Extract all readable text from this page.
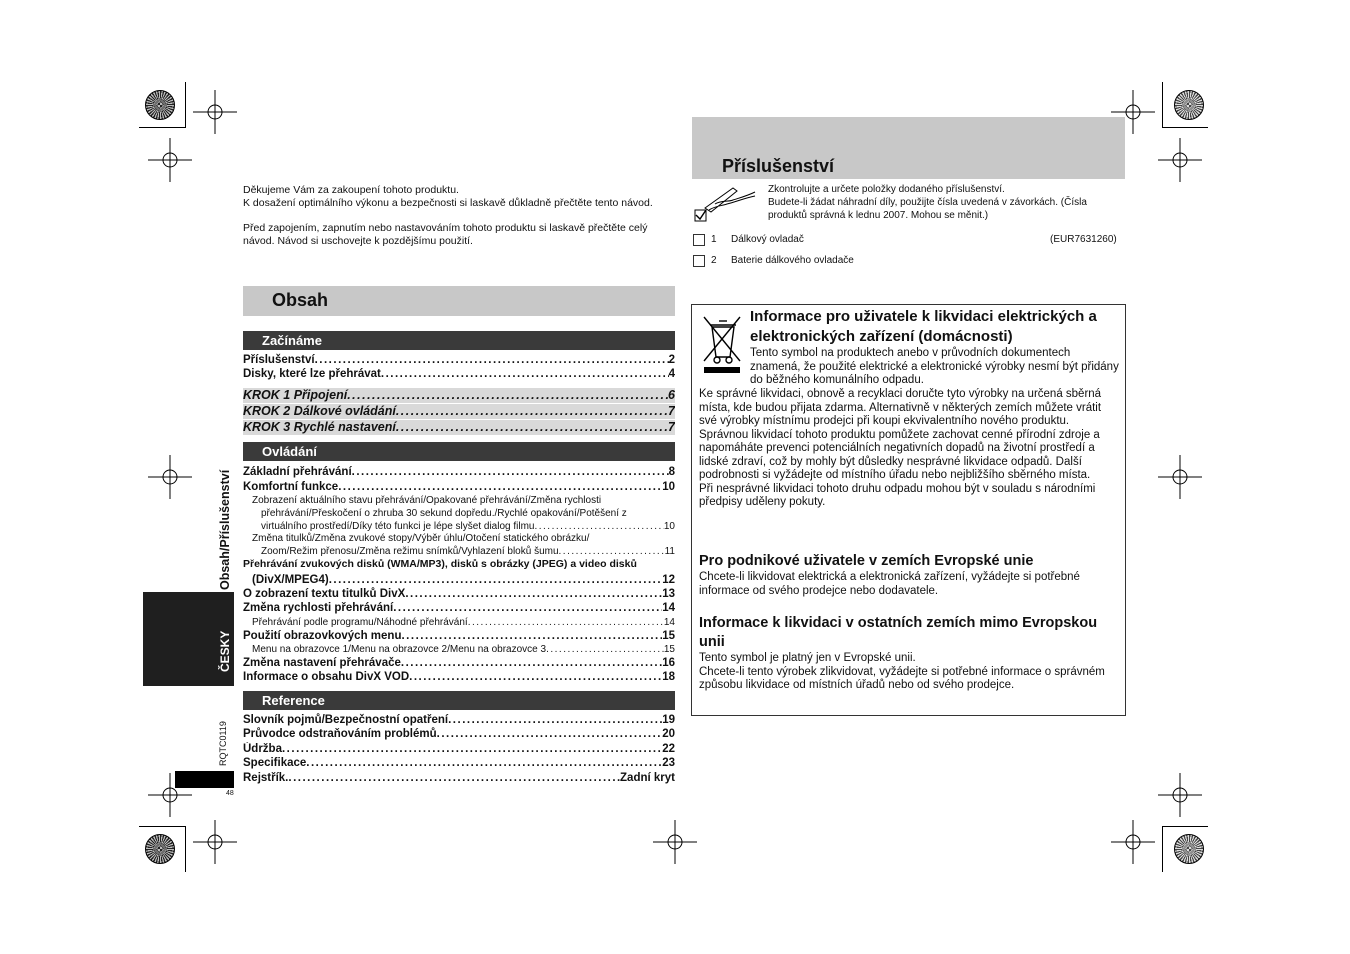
Děkujeme Vám za zakoupení tohoto produktu.
K dosažení optimálního výkonu a bezpečnosti si laskavě důkladně přečtěte tento návod.

Před zapojením, zapnutím nebo nastavováním tohoto produktu si laskavě přečtěte celý návod. Návod si uschovejte k pozdějšímu použití.

Obsah
Začínáme
Příslušenství .....	2
Disky, které lze přehrávat .....	4
KROK 1 Připojení .....	6
KROK 2 Dálkové ovládání .....	7
KROK 3 Rychlé nastavení .....	7
Ovládání
Základní přehrávání .....	8
Komfortní funkce .....	10
Zobrazení aktuálního stavu přehrávání/Opakované přehrávání/Změna rychlosti
přehrávání/Přeskočení o zhruba 30 sekund dopředu./Rychlé opakování/Potěšení z
virtuálního prostředí/Díky této funkci je lépe slyšet dialog filmu .....	10
Změna titulků/Změna zvukové stopy/Výběr úhlu/Otočení statického obrázku/
Zoom/Režim přenosu/Změna režimu snímků/Vyhlazení bloků šumu .....	11
Přehrávání zvukových disků (WMA/MP3), disků s obrázky (JPEG) a video disků
(DivX/MPEG4) .....	12
O zobrazení textu titulků DivX .....	13
Změna rychlosti přehrávání .....	14
Přehrávání podle programu/Náhodné přehrávání .....	14
Použití obrazovkových menu .....	15
Menu na obrazovce 1/Menu na obrazovce 2/Menu na obrazovce 3 .....	15
Změna nastavení přehrávače .....	16
Informace o obsahu DivX VOD .....	18
Reference
Slovník pojmů/Bezpečnostní opatření .....	19
Průvodce odstraňováním problémů .....	20
Údržba .....	22
Specifikace .....	23
Rejstřík. .....	Zadní kryt
Obsah/Příslušenství
ČESKY
RQTC0119
48
Příslušenství

Zkontrolujte a určete položky dodaného příslušenství.

Budete-li žádat náhradní díly, použijte čísla uvedená v závorkách. (Čísla

produktů správná k lednu 2007. Mohou se měnit.)

1 Dálkový ovladač	(EUR7631260)
2 Baterie dálkového ovladače
Informace pro uživatele k likvidaci elektrických a elektronických zařízení (domácnosti)

Tento symbol na produktech anebo v průvodních dokumentech znamená, že použité elektrické a elektronické výrobky nesmí být přidány do běžného komunálního odpadu.

Ke správné likvidaci, obnově a recyklaci doručte tyto výrobky na určená sběrná místa, kde budou přijata zdarma. Alternativně v některých zemích můžete vrátit své výrobky místnímu prodejci při koupi ekvivalentního nového produktu.

Správnou likvidací tohoto produktu pomůžete zachovat cenné přírodní zdroje a napomáháte prevenci potenciálních negativních dopadů na životní prostředí a lidské zdraví, což by mohly být důsledky nesprávné likvidace odpadů. Další podrobnosti si vyžádejte od místního úřadu nebo nejbližšího sběrného místa.

Při nesprávné likvidaci tohoto druhu odpadu mohou být v souladu s národními předpisy uděleny pokuty.

Pro podnikové uživatele v zemích Evropské unie

Chcete-li likvidovat elektrická a elektronická zařízení, vyžádejte si potřebné informace od svého prodejce nebo dodavatele.

Informace k likvidaci v ostatních zemích mimo Evropskou unii

Tento symbol je platný jen v Evropské unii.

Chcete-li tento výrobek zlikvidovat, vyžádejte si potřebné informace o správném způsobu likvidace od místních úřadů nebo od svého prodejce.
